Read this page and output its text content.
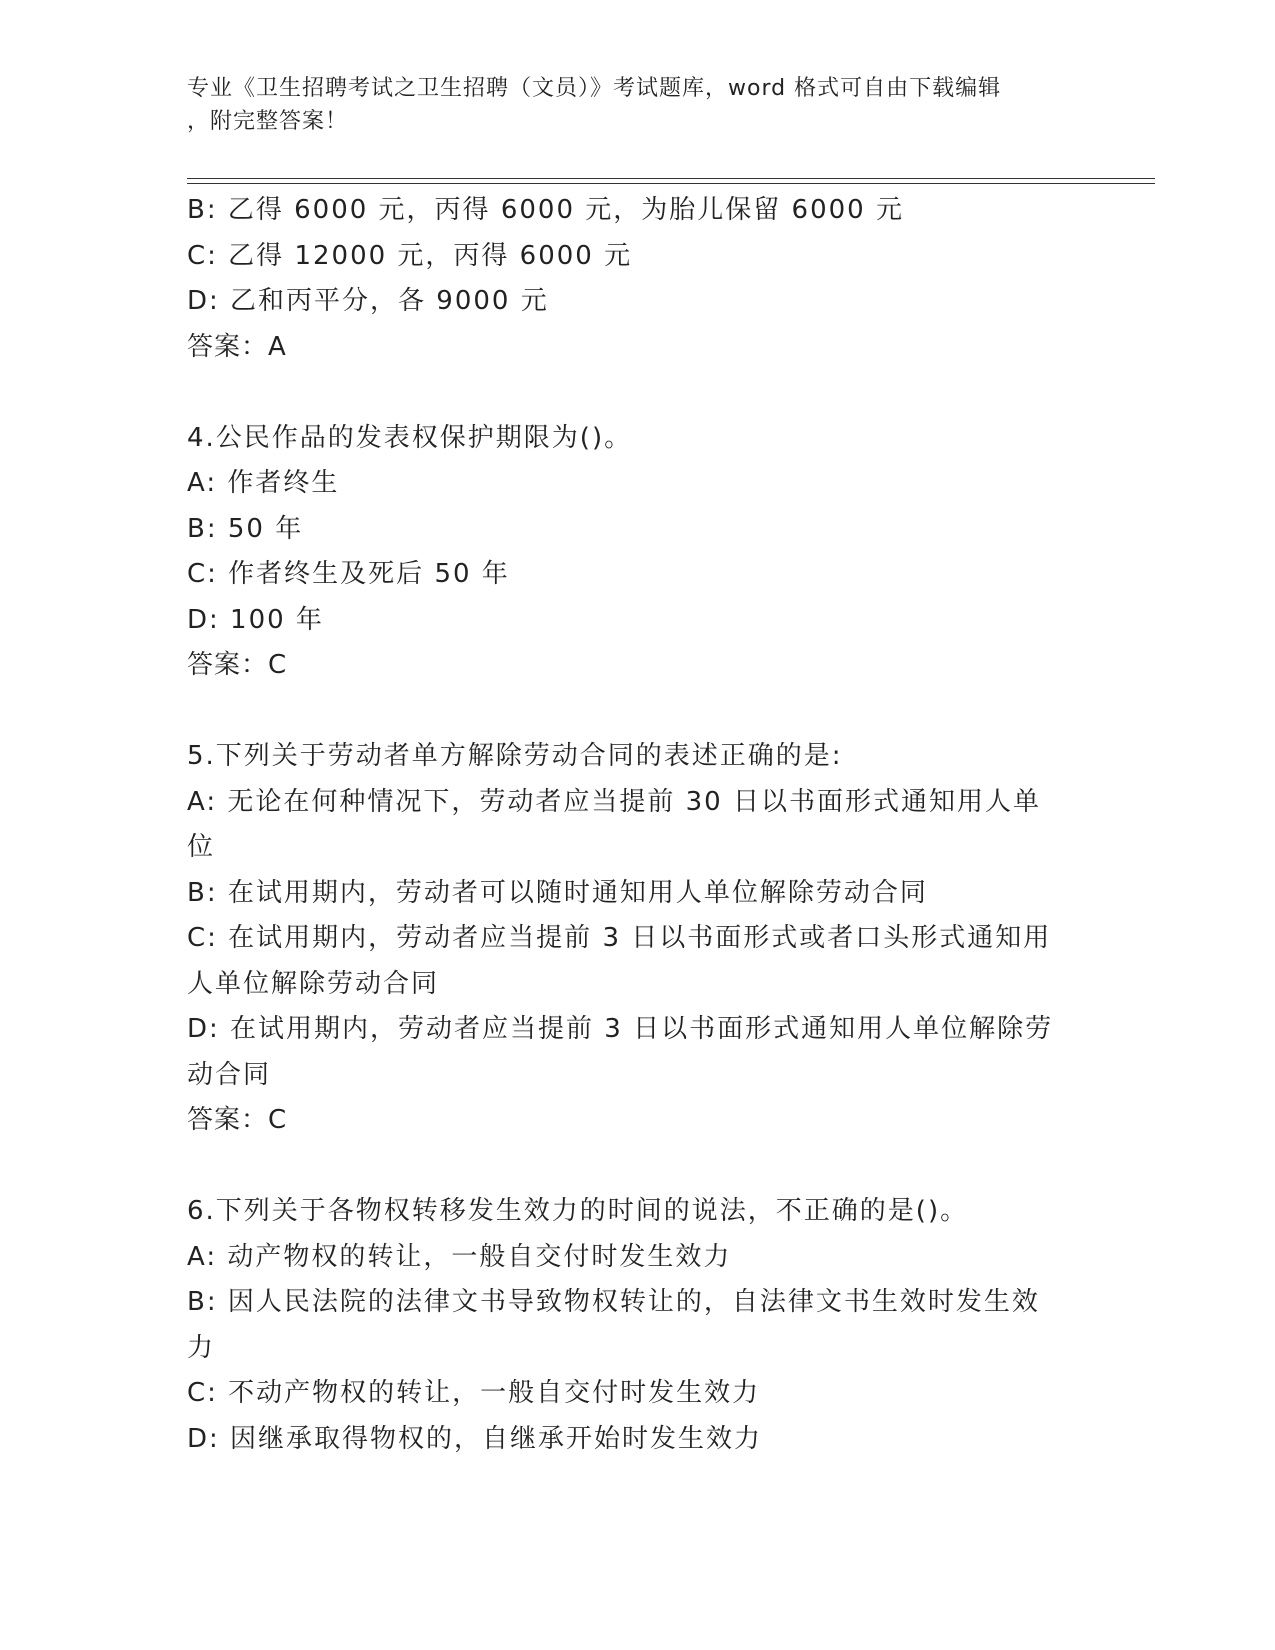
专业《卫生招聘考试之卫生招聘（文员）》考试题库，word 格式可自由下载编辑
，附完整答案！
B: 乙得 6000 元，丙得 6000 元，为胎儿保留 6000 元
C: 乙得 12000 元，丙得 6000 元
D: 乙和丙平分，各 9000 元
答案：A
4.公民作品的发表权保护期限为()。
A: 作者终生
B: 50 年
C: 作者终生及死后 50 年
D: 100 年
答案：C
5.下列关于劳动者单方解除劳动合同的表述正确的是:
A: 无论在何种情况下，劳动者应当提前 30 日以书面形式通知用人单
位
B: 在试用期内，劳动者可以随时通知用人单位解除劳动合同
C: 在试用期内，劳动者应当提前 3 日以书面形式或者口头形式通知用
人单位解除劳动合同
D: 在试用期内，劳动者应当提前 3 日以书面形式通知用人单位解除劳
动合同
答案：C
6.下列关于各物权转移发生效力的时间的说法，不正确的是()。
A: 动产物权的转让，一般自交付时发生效力
B: 因人民法院的法律文书导致物权转让的，自法律文书生效时发生效
力
C: 不动产物权的转让，一般自交付时发生效力
D: 因继承取得物权的，自继承开始时发生效力
